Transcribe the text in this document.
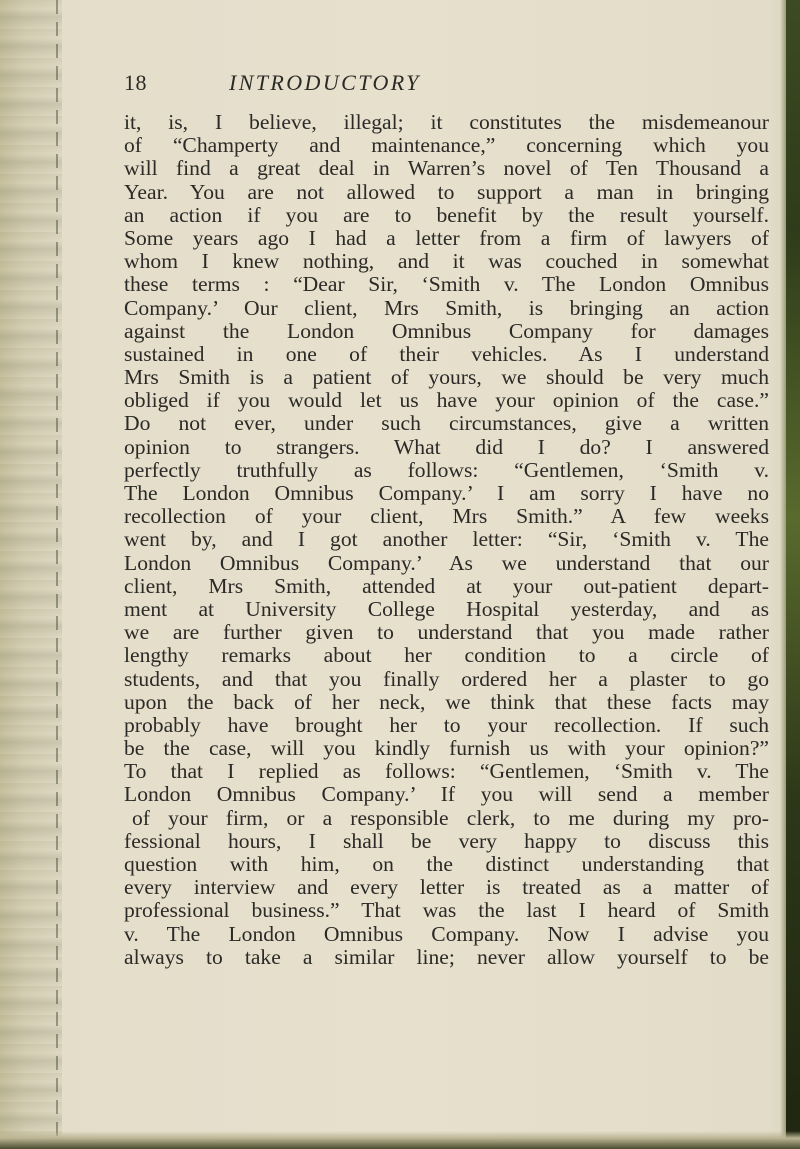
18	INTRODUCTORY
it, is, I believe, illegal; it constitutes the misdemeanour
of “Champerty and maintenance,” concerning which you
will find a great deal in Warren’s novel of Ten Thousand a
Year. You are not allowed to support a man in bringing
an action if you are to benefit by the result yourself.
Some years ago I had a letter from a firm of lawyers of
whom I knew nothing, and it was couched in somewhat
these terms : “Dear Sir, ‘Smith v. The London Omnibus
Company.’ Our client, Mrs Smith, is bringing an action
against the London Omnibus Company for damages
sustained in one of their vehicles. As I understand
Mrs Smith is a patient of yours, we should be very much
obliged if you would let us have your opinion of the case.”
Do not ever, under such circumstances, give a written
opinion to strangers. What did I do? I answered
perfectly truthfully as follows: “Gentlemen, ‘Smith v.
The London Omnibus Company.’ I am sorry I have no
recollection of your client, Mrs Smith.” A few weeks
went by, and I got another letter: “Sir, ‘Smith v. The
London Omnibus Company.’ As we understand that our
client, Mrs Smith, attended at your out-patient depart-
ment at University College Hospital yesterday, and as
we are further given to understand that you made rather
lengthy remarks about her condition to a circle of
students, and that you finally ordered her a plaster to go
upon the back of her neck, we think that these facts may
probably have brought her to your recollection. If such
be the case, will you kindly furnish us with your opinion?”
To that I replied as follows: “Gentlemen, ‘Smith v. The
London Omnibus Company.’ If you will send a member
of your firm, or a responsible clerk, to me during my pro-
fessional hours, I shall be very happy to discuss this
question with him, on the distinct understanding that
every interview and every letter is treated as a matter of
professional business.” That was the last I heard of Smith
v. The London Omnibus Company. Now I advise you
always to take a similar line; never allow yourself to be
